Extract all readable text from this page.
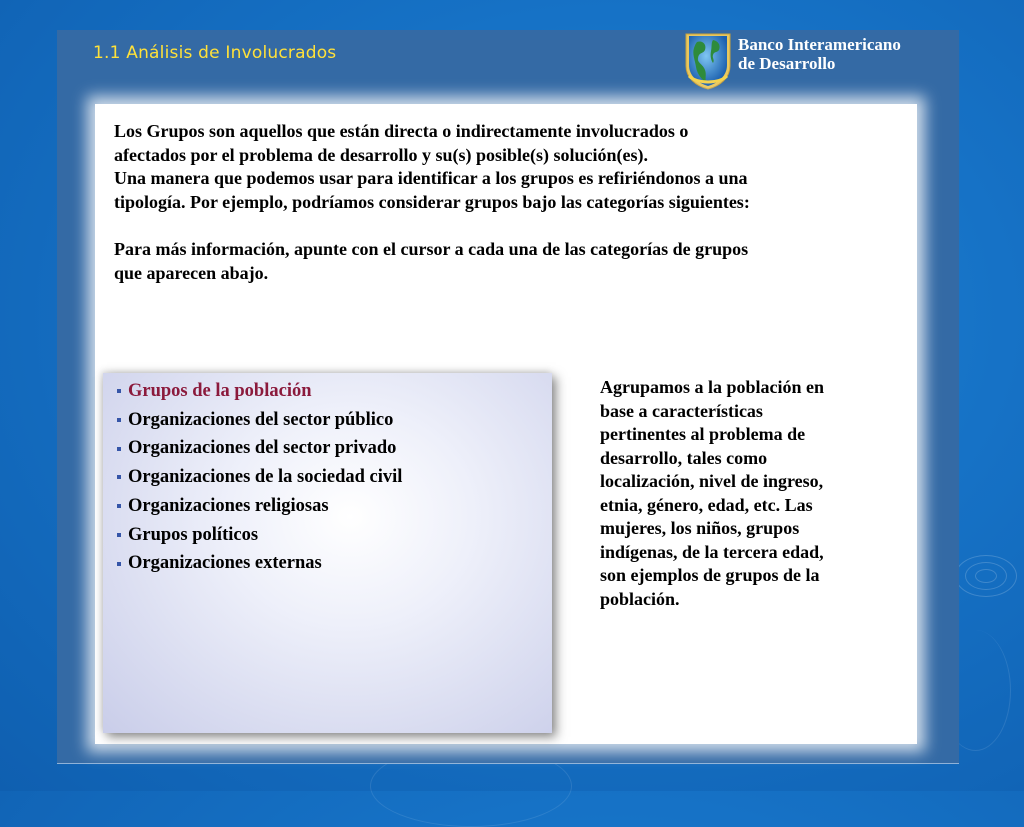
1.1 Análisis de Involucrados	Banco Interamericano
de Desarrollo

Los Grupos son aquellos que están directa o indirectamente involucrados o

afectados por el problema de desarrollo y su(s) posible(s) solución(es).

Una manera que podemos usar para identificar a los grupos es refiriéndonos a una

tipología. Por ejemplo, podríamos considerar grupos bajo las categorías siguientes:

Para más información, apunte con el cursor a cada una de las categorías de grupos

que aparecen abajo.

Grupos de la población
Organizaciones del sector público
Organizaciones del sector privado
Organizaciones de la sociedad civil
Organizaciones religiosas
Grupos políticos
Organizaciones externas
Agrupamos a la población en
base a características
pertinentes al problema de
desarrollo, tales como
localización, nivel de ingreso,
etnia, género, edad, etc. Las
mujeres, los niños, grupos
indígenas, de la tercera edad,
son ejemplos de grupos de la
población.
